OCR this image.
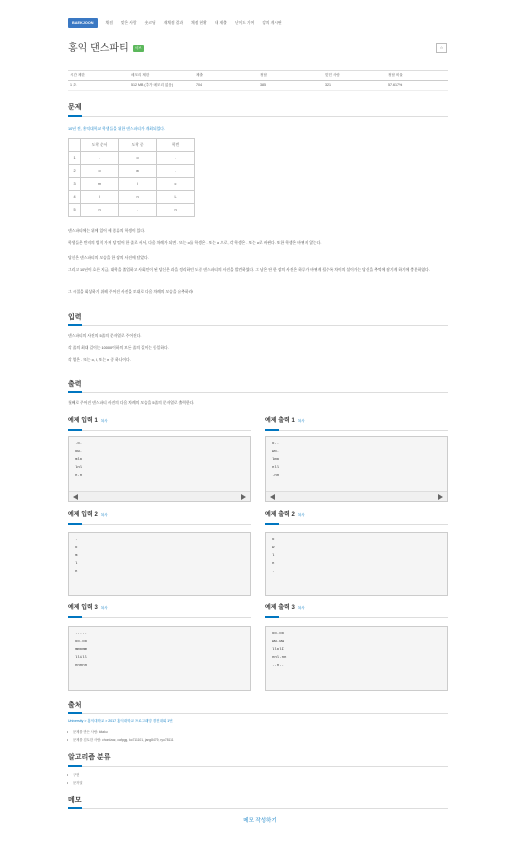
BAEKJOON	채점 맞은 사람 숏코딩 재채점 결과 채점 현황 내 제출 난이도 기여 강의 게시판
홍익 댄스파티	서브	☆
시간 제한	메모리 제한	제출	정답	맞힌 사람	정답 비율
1 초	512 MB (추가 메모리 없음)	704	385	321	57.617%
문제
10년 전, 홍익대학교 학생들을 위한 댄스파티가 개최되었다.
	도착 순서	도착 중	학번
1	.	o	.
2	o	w	.
3	m	l	c
4	l	n	L
5	n	.	n
댄스파티에는 위에 있어 세 종류의 학생이 있다.
학생들은 반지의 법칙 가져 당 떨어 한 줄로 서서, 다음 차례가 되면 . 또는 o를 학생은 . 또는 o 으로, 각 학생은 . 또는 o로 바뀐다. 또한 학생은 바뀌지 않는다.
당신은 댄스파티의 모습을 한 장의 사진에 담았다.
그리고 10년이 흐른 지금, 대학을 졸업하고 사회인이 된 당신은 과을 정리하던 도중 댄스파티의 사진을 발견하였다. 그 남은 단 한 장의 사진은 하루가 바뀌게 될수록 차이의 설이가는 당신을 추억에 잠기게 하기에 충분하였다.
그 시절을 회상하기 위해 주어진 사진을 토대로 다음 차례의 모습을 유추하라!
입력
댄스파티의 사진의 5줄의 문자열로 주어진다.
각 줄의 최대 길이는 10000이하의 모든 줄의 길이는 동일하다.
각 열은 . 또는 o, l, 또는 n 중 하나이다.
출력
첫째로 주어진 댄스파티 사진의 다음 차례의 모습을 5줄의 문자열로 출력한다.
예제 입력 1 복사	예제 출력 1 복사
.o.
ow.
mlo
lnl
n.n
o..
wo.
lmo
nll
.nn
예제 입력 2 복사	예제 출력 2 복사
.
o
m
l
n
o
w
l
n
.
예제 입력 3 복사	예제 출력 3 복사
.....
oo.oo
mmomm
llill
nnnnn
oo.oo
ww.ww
llolI
nnl.nn
..n..
출처
University > 홍익대학교 > 2017 홍익대학교 프로그래밍 경진대회 1번
• 문제를 만든 사람: kitaku
• 문제를 검토한 사람: chordzaz, cafpgg, ko711101, jang8479, ryu78111
알고리즘 분류
• 구현
• 문자열
메모
메모 작성하기
